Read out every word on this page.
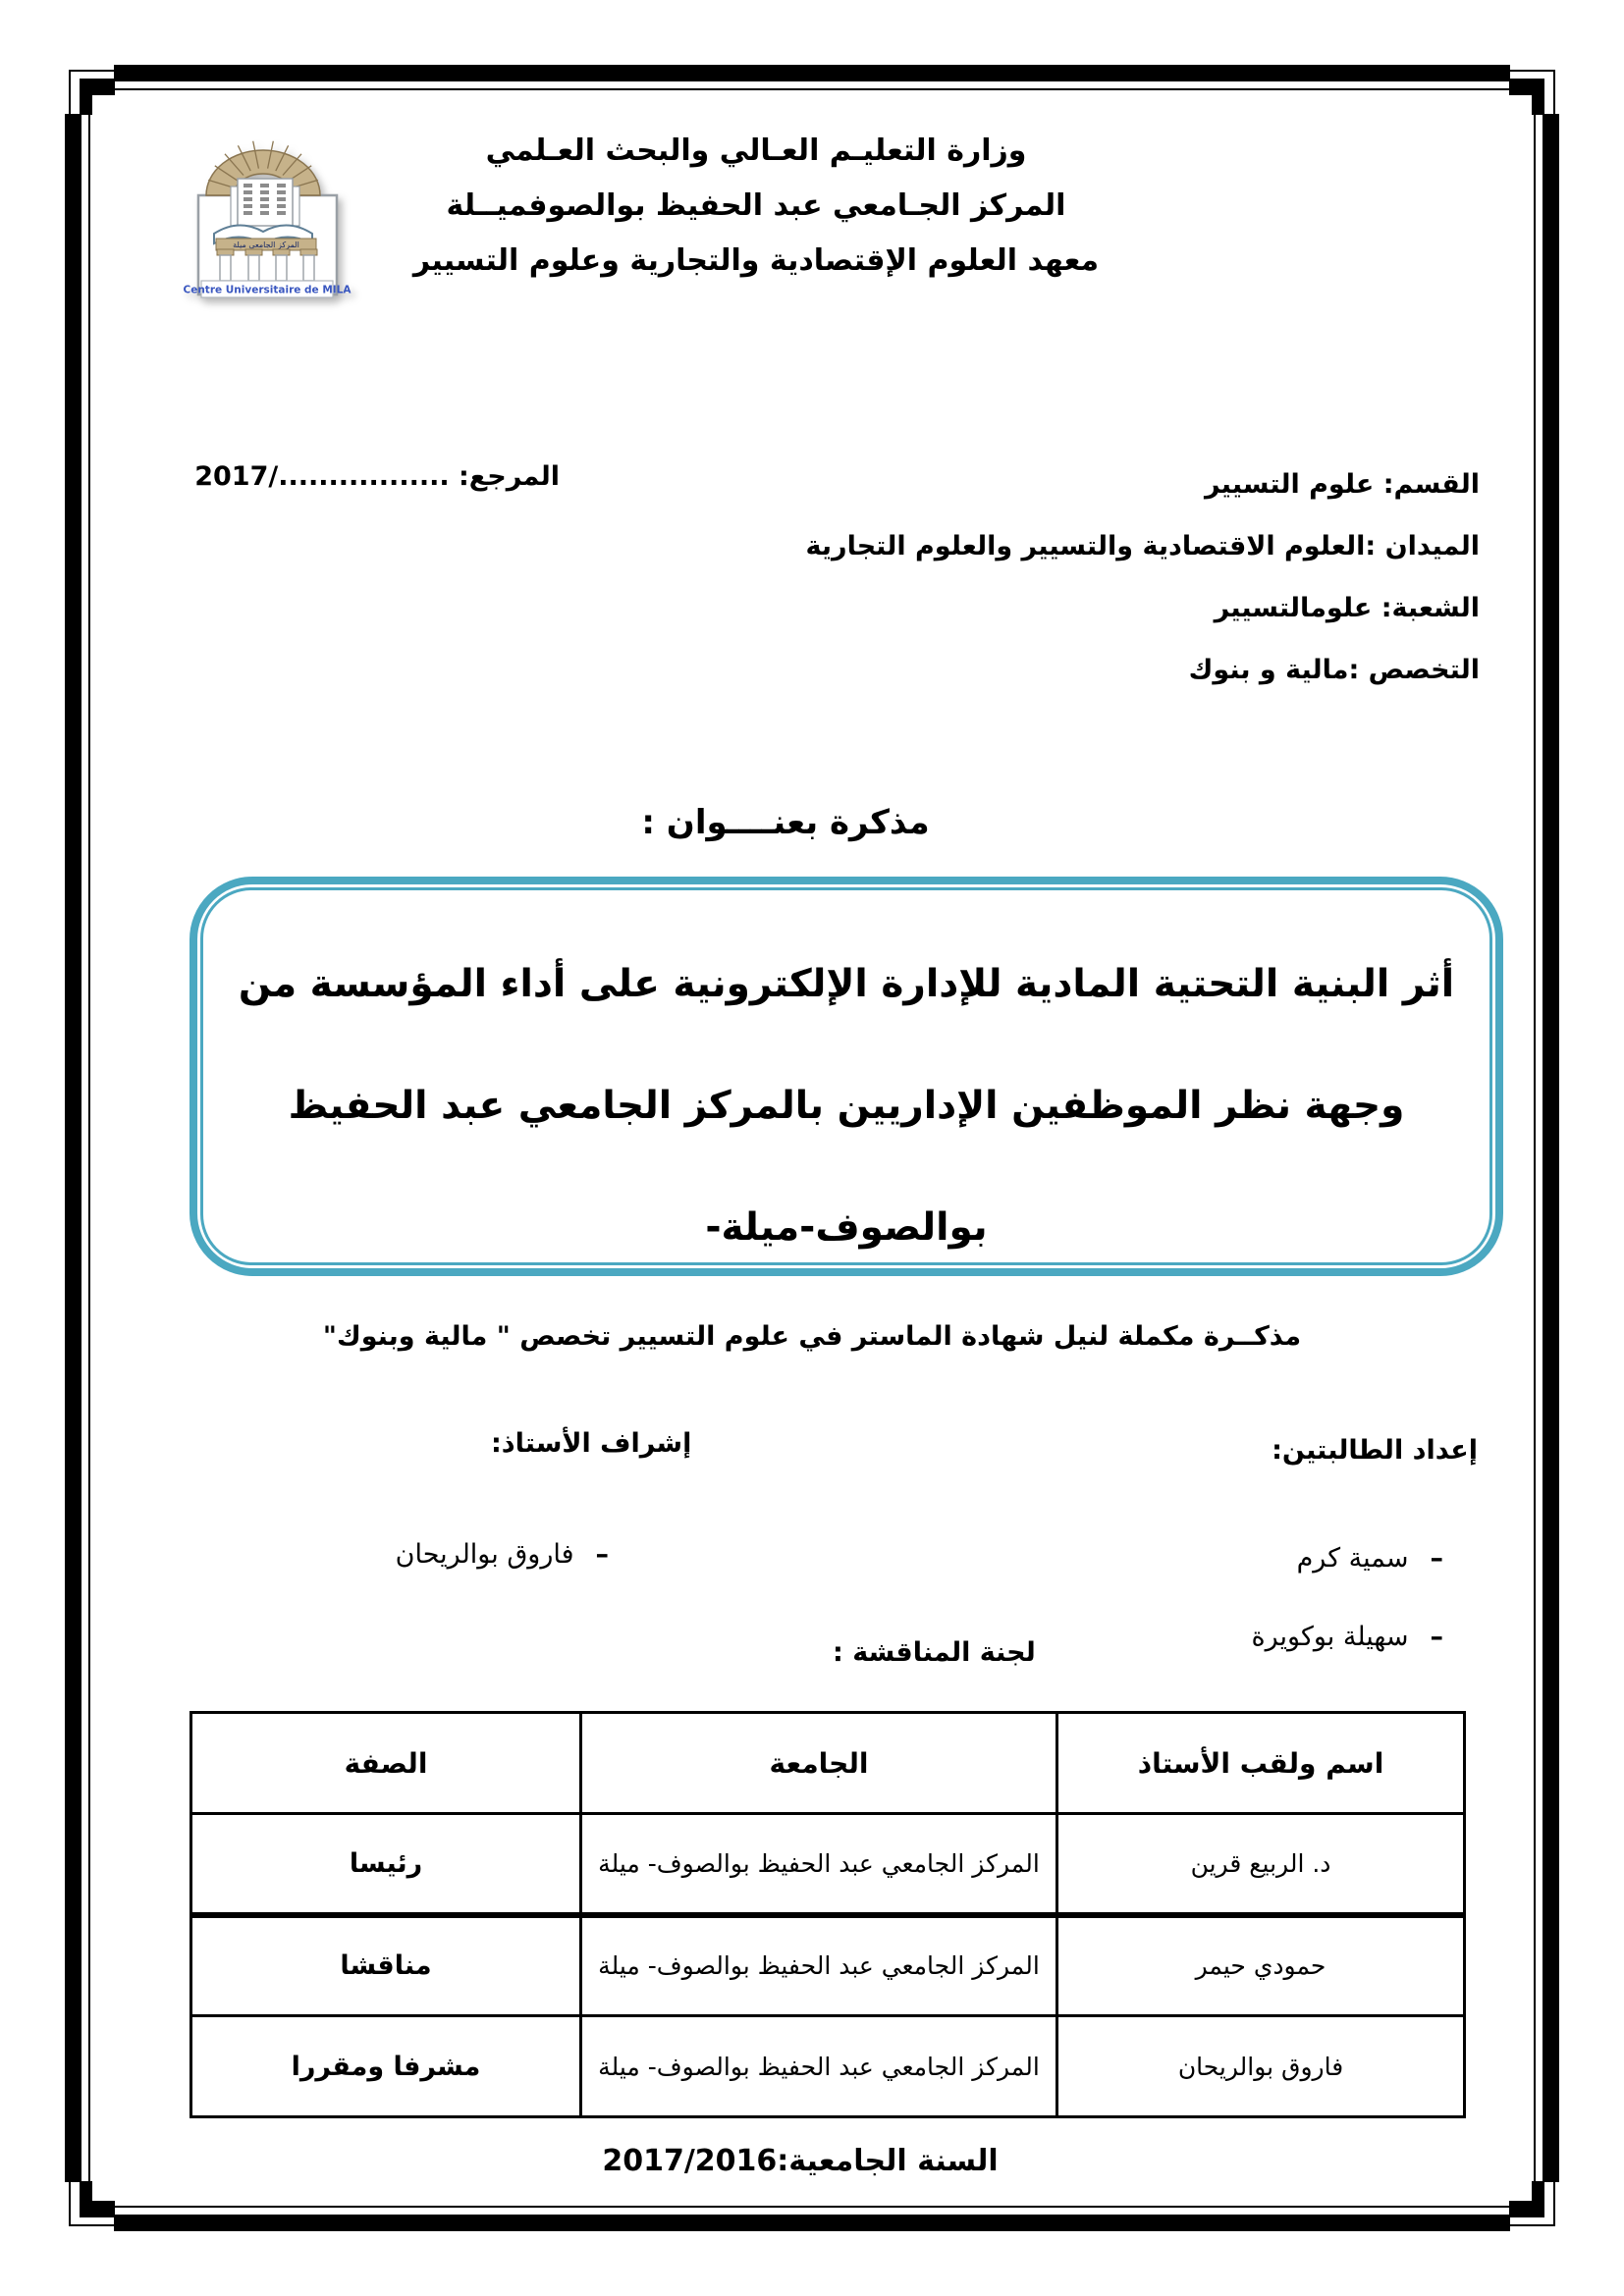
المركز الجامعي ميلة
Centre Universitaire de MILA
وزارة التعليـم العـالي والبحث العـلمي
المركز الجـامعي عبد الحفيظ بوالصوفميــلة
معهد العلوم الإقتصادية والتجارية وعلوم التسيير
القسم: علوم التسيير
الميدان :العلوم الاقتصادية والتسيير والعلوم التجارية
الشعبة: علومالتسيير
التخصص :مالية و بنوك
المرجع: ................./2017
مذكرة بعنــــوان :
أثر البنية التحتية المادية للإدارة الإلكترونية على أداء المؤسسة من
وجهة نظر الموظفين الإداريين بالمركز الجامعي عبد الحفيظ
بوالصوف-ميلة-
مذكــرة مكملة لنيل شهادة الماستر في علوم التسيير تخصص " مالية وبنوك"
إعداد الطالبتين:
–
سمية كرم
–
سهيلة بوكويرة
إشراف الأستاذ:
–
فاروق بوالريحان
لجنة المناقشة :
اسم ولقب الأستاذ	الجامعة	الصفة
د. الربيع قرين	المركز الجامعي عبد الحفيظ بوالصوف- ميلة	رئيسا
حمودي حيمر	المركز الجامعي عبد الحفيظ بوالصوف- ميلة	مناقشا
فاروق بوالريحان	المركز الجامعي عبد الحفيظ بوالصوف- ميلة	مشرفا ومقررا
السنة الجامعية:2017/2016
